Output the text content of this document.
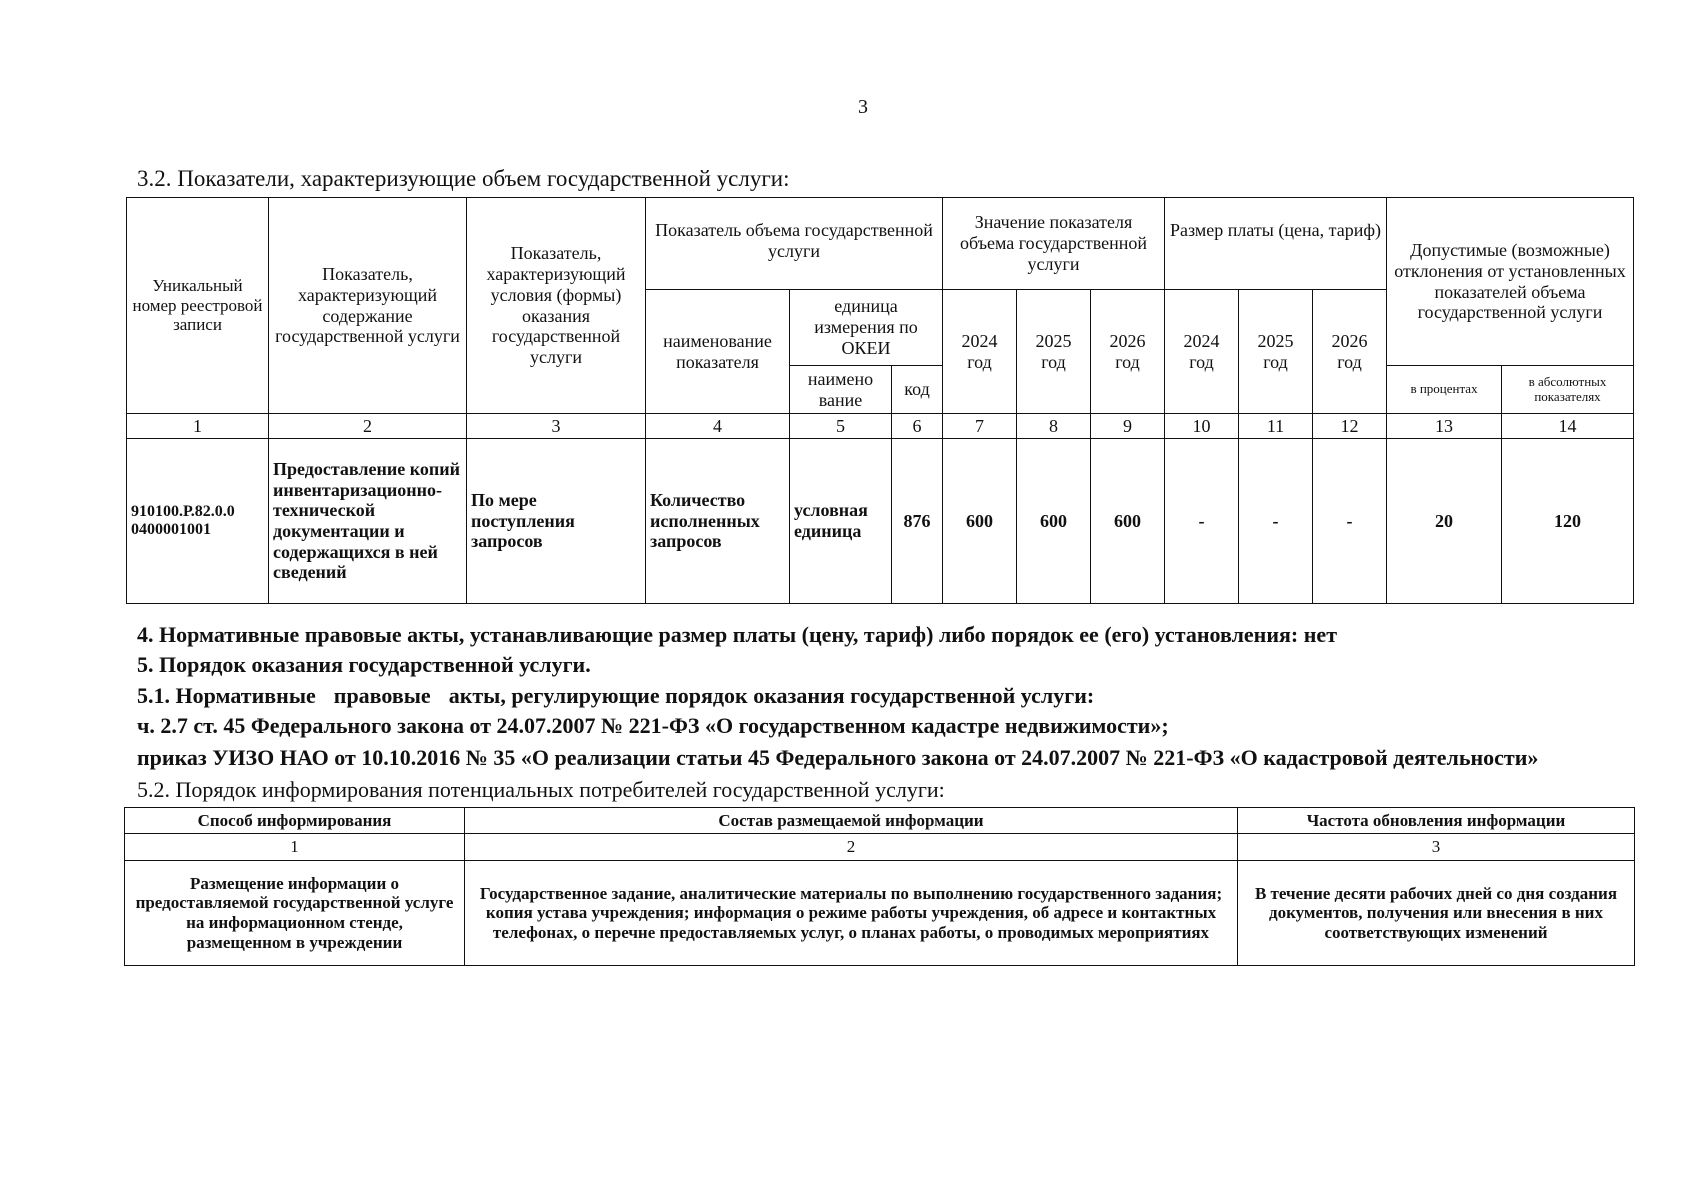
3
3.2. Показатели, характеризующие объем государственной услуги:
Уникальный номер реестровой записи	Показатель, характеризующий содержание государственной услуги	Показатель, характеризующий условия (формы) оказания государственной услуги	Показатель объема государственной услуги			Значение показателя объема государственной услуги			Размер платы (цена, тариф)			Допустимые (возможные) отклонения от установленных показателей объема государственной услуги	
			наименование показателя	единица измерения по ОКЕИ		2024 год	2025 год	2026 год	2024 год	2025 год	2026 год		
				наимено вание	код							в процентах	в абсолютных показателях
1	2	3	4	5	6	7	8	9	10	11	12	13	14
910100.Р.82.0.0 0400001001	Предоставление копий инвентаризационно-технической документации и содержащихся в ней сведений	По мере поступления запросов	Количество исполненных запросов	условная единица	876	600	600	600	-	-	-	20	120
4. Нормативные правовые акты, устанавливающие размер платы (цену, тариф) либо порядок ее (его) установления: нет
5. Порядок оказания государственной услуги.
5.1. Нормативные правовые акты, регулирующие порядок оказания государственной услуги:
ч. 2.7 ст. 45 Федерального закона от 24.07.2007 № 221-ФЗ «О государственном кадастре недвижимости»;
приказ УИЗО НАО от 10.10.2016 № 35 «О реализации статьи 45 Федерального закона от 24.07.2007 № 221-ФЗ «О кадастровой деятельности»
5.2. Порядок информирования потенциальных потребителей государственной услуги:
Способ информирования	Состав размещаемой информации	Частота обновления информации
1	2	3
Размещение информации о предоставляемой государственной услуге на информационном стенде, размещенном в учреждении	Государственное задание, аналитические материалы по выполнению государственного задания; копия устава учреждения; информация о режиме работы учреждения, об адресе и контактных телефонах, о перечне предоставляемых услуг, о планах работы, о проводимых мероприятиях	В течение десяти рабочих дней со дня создания документов, получения или внесения в них соответствующих изменений
